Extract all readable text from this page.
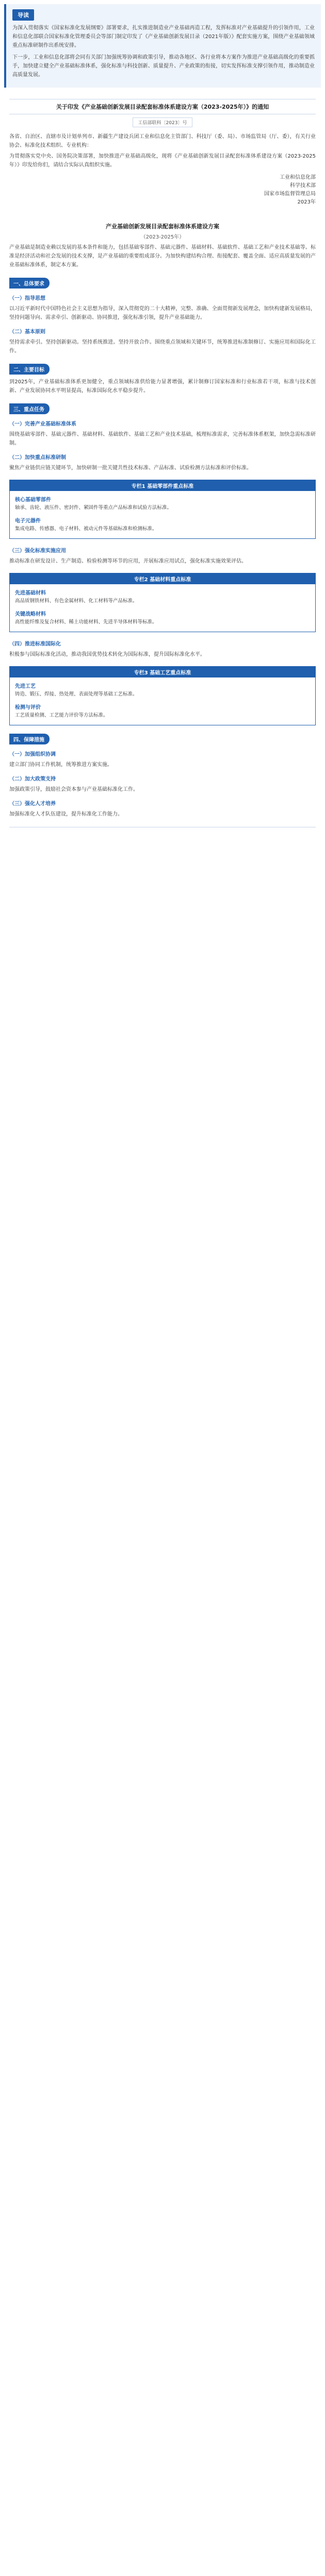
导读

为深入贯彻落实《国家标准化发展纲要》部署要求，扎实推进制造业产业基础再造工程，发挥标准对产业基础提升的引领作用，工业和信息化部联合国家标准化管理委员会等部门制定印发了《产业基础创新发展目录（2021年版）》配套实施方案，围绕产业基础领域重点标准研制作出系统安排。

下一步，工业和信息化部将会同有关部门加强统筹协调和政策引导，推动各地区、各行业将本方案作为推进产业基础高级化的重要抓手，加快建立健全产业基础标准体系，强化标准与科技创新、质量提升、产业政策的衔接，切实发挥标准支撑引领作用，推动制造业高质量发展。

关于印发《产业基础创新发展目录配套标准体系建设方案（2023-2025年）》的通知
工信部联科〔2023〕号

各省、自治区、直辖市及计划单列市、新疆生产建设兵团工业和信息化主管部门、科技厅（委、局）、市场监管局（厅、委），有关行业协会、标准化技术组织、专业机构：

为贯彻落实党中央、国务院决策部署，加快推进产业基础高级化，现将《产业基础创新发展目录配套标准体系建设方案（2023-2025年）》印发给你们，请结合实际认真组织实施。

工业和信息化部
科学技术部
国家市场监督管理总局
2023年
产业基础创新发展目录配套标准体系建设方案
（2023-2025年）

产业基础是制造业赖以发展的基本条件和能力，包括基础零部件、基础元器件、基础材料、基础软件、基础工艺和产业技术基础等。标准是经济活动和社会发展的技术支撑，是产业基础的重要组成部分。为加快构建结构合理、衔接配套、覆盖全面、适应高质量发展的产业基础标准体系，制定本方案。

一、总体要求
（一）指导思想

以习近平新时代中国特色社会主义思想为指导，深入贯彻党的二十大精神，完整、准确、全面贯彻新发展理念，加快构建新发展格局，坚持问题导向、需求牵引、创新驱动、协同推进，强化标准引领，提升产业基础能力。

（二）基本原则

坚持需求牵引。坚持创新驱动。坚持系统推进。坚持开放合作。围绕重点领域和关键环节，统筹推进标准制修订、实施应用和国际化工作。

二、主要目标

到2025年，产业基础标准体系更加健全，重点领域标准供给能力显著增强，累计制修订国家标准和行业标准若干项，标准与技术创新、产业发展协同水平明显提高，标准国际化水平稳步提升。

三、重点任务
（一）完善产业基础标准体系

围绕基础零部件、基础元器件、基础材料、基础软件、基础工艺和产业技术基础，梳理标准需求，完善标准体系框架，加快急需标准研制。

（二）加快重点标准研制

聚焦产业链供应链关键环节，加快研制一批关键共性技术标准、产品标准、试验检测方法标准和评价标准。

专栏1 基础零部件重点标准
核心基础零部件

轴承、齿轮、液压件、密封件、紧固件等重点产品标准和试验方法标准。

电子元器件

集成电路、传感器、电子材料、被动元件等基础标准和检测标准。

（三）强化标准实施应用

推动标准在研发设计、生产制造、检验检测等环节的应用，开展标准应用试点，强化标准实施效果评估。

专栏2 基础材料重点标准
先进基础材料

高品质钢铁材料、有色金属材料、化工材料等产品标准。

关键战略材料

高性能纤维及复合材料、稀土功能材料、先进半导体材料等标准。

（四）推进标准国际化

积极参与国际标准化活动，推动我国优势技术转化为国际标准，提升国际标准化水平。

专栏3 基础工艺重点标准
先进工艺

铸造、锻压、焊接、热处理、表面处理等基础工艺标准。

检测与评价

工艺质量检测、工艺能力评价等方法标准。

四、保障措施
（一）加强组织协调

建立部门协同工作机制，统筹推进方案实施。

（二）加大政策支持

加强政策引导，鼓励社会资本参与产业基础标准化工作。

（三）强化人才培养

加强标准化人才队伍建设，提升标准化工作能力。
